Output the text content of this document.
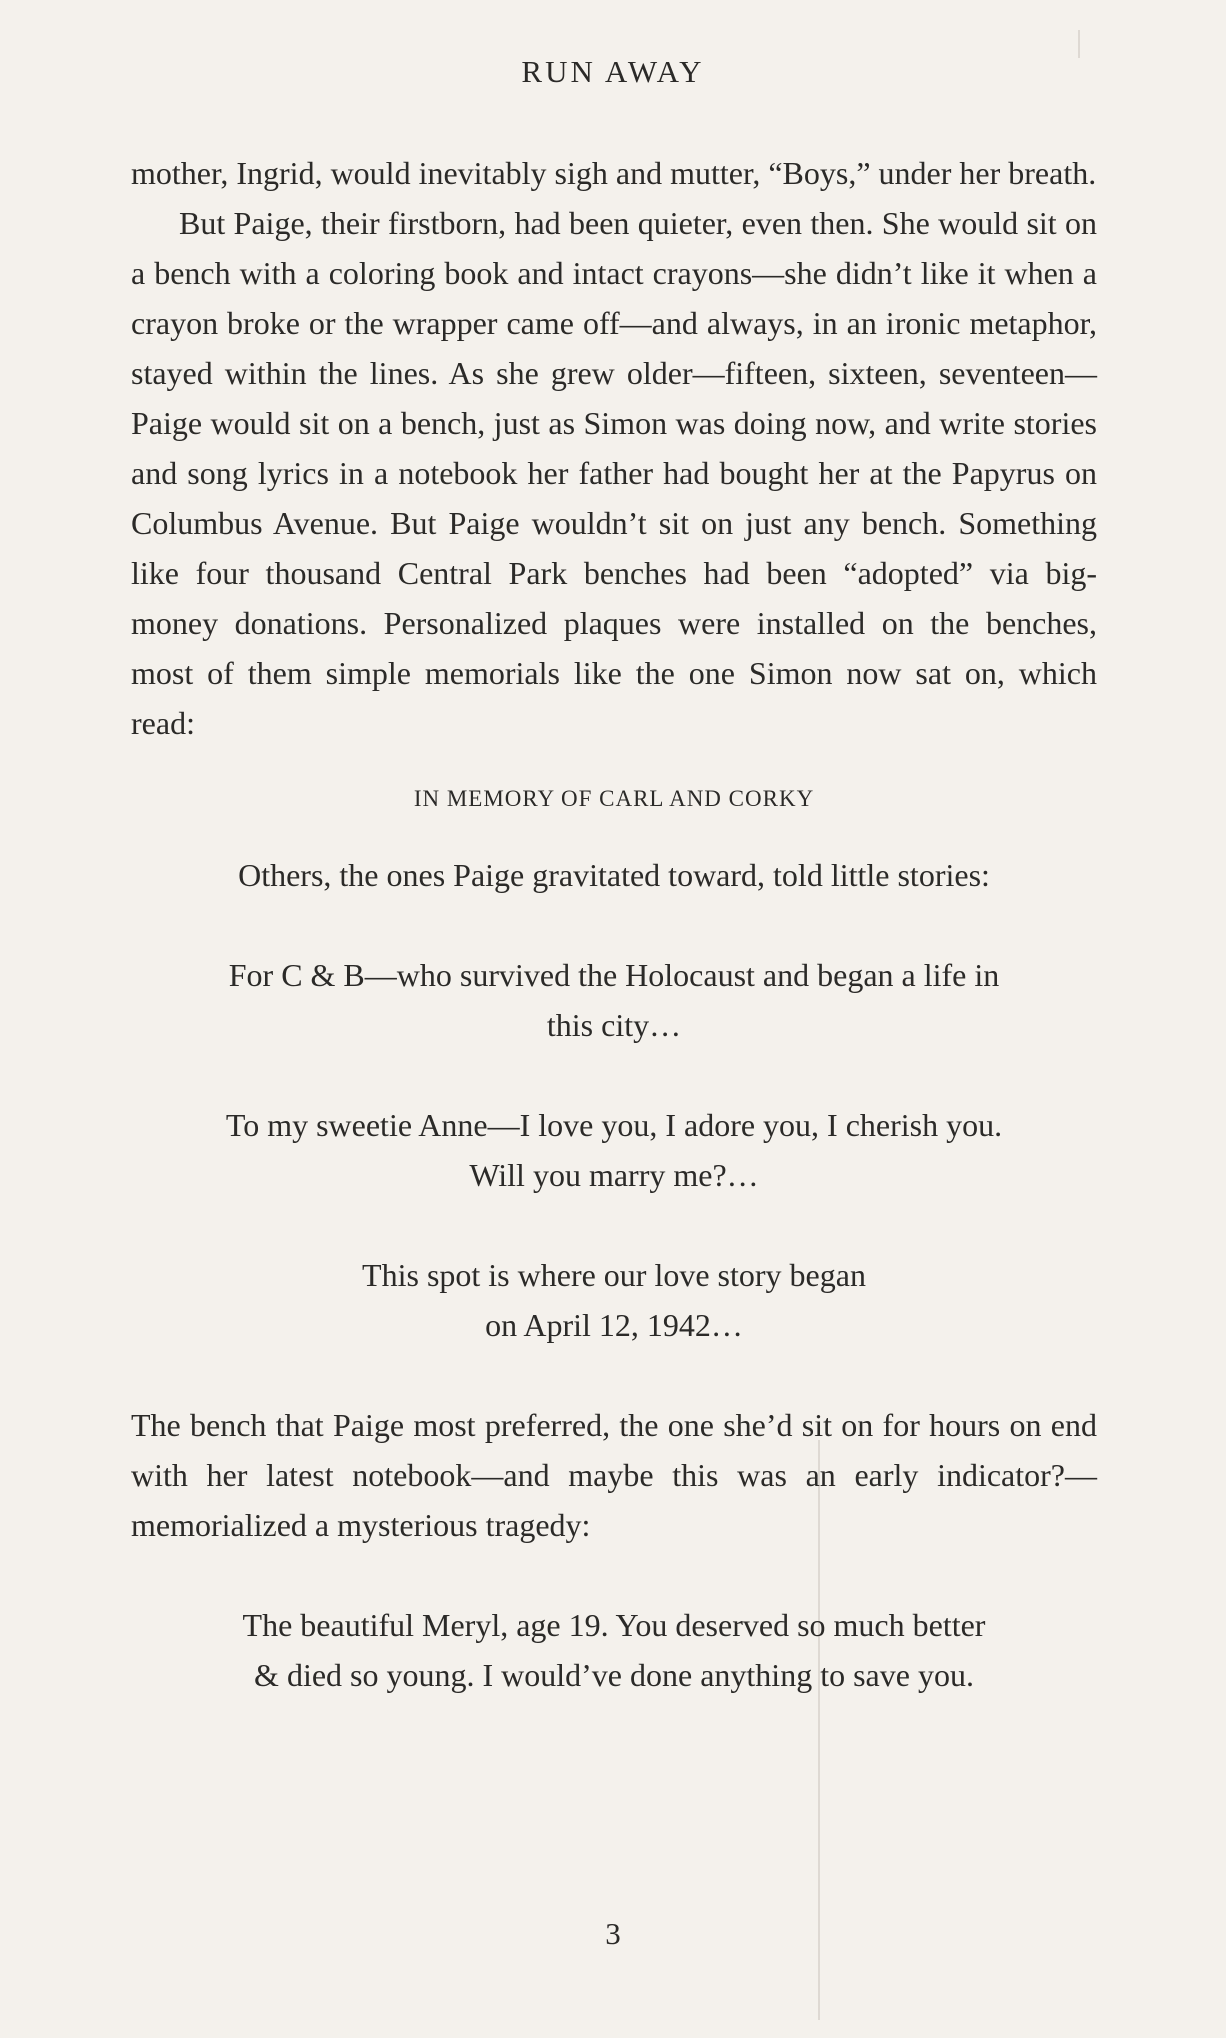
RUN AWAY

mother, Ingrid, would inevitably sigh and mutter, “Boys,” under her breath.

But Paige, their firstborn, had been quieter, even then. She would sit on a bench with a coloring book and intact crayons—she didn’t like it when a crayon broke or the wrapper came off—and always, in an ironic metaphor, stayed within the lines. As she grew older—fifteen, sixteen, seventeen—Paige would sit on a bench, just as Simon was doing now, and write stories and song lyrics in a notebook her father had bought her at the Papyrus on Columbus Avenue. But Paige wouldn’t sit on just any bench. Something like four thousand Central Park benches had been “adopted” via big-money donations. Personalized plaques were installed on the benches, most of them simple memorials like the one Simon now sat on, which read:

IN MEMORY OF CARL AND CORKY

Others, the ones Paige gravitated toward, told little stories:

For C & B—who survived the Holocaust and began a life in

this city…

To my sweetie Anne—I love you, I adore you, I cherish you.

Will you marry me?…

This spot is where our love story began

on April 12, 1942…

The bench that Paige most preferred, the one she’d sit on for hours on end with her latest notebook—and maybe this was an early indicator?—memorialized a mysterious tragedy:

The beautiful Meryl, age 19. You deserved so much better

& died so young. I would’ve done anything to save you.

3
